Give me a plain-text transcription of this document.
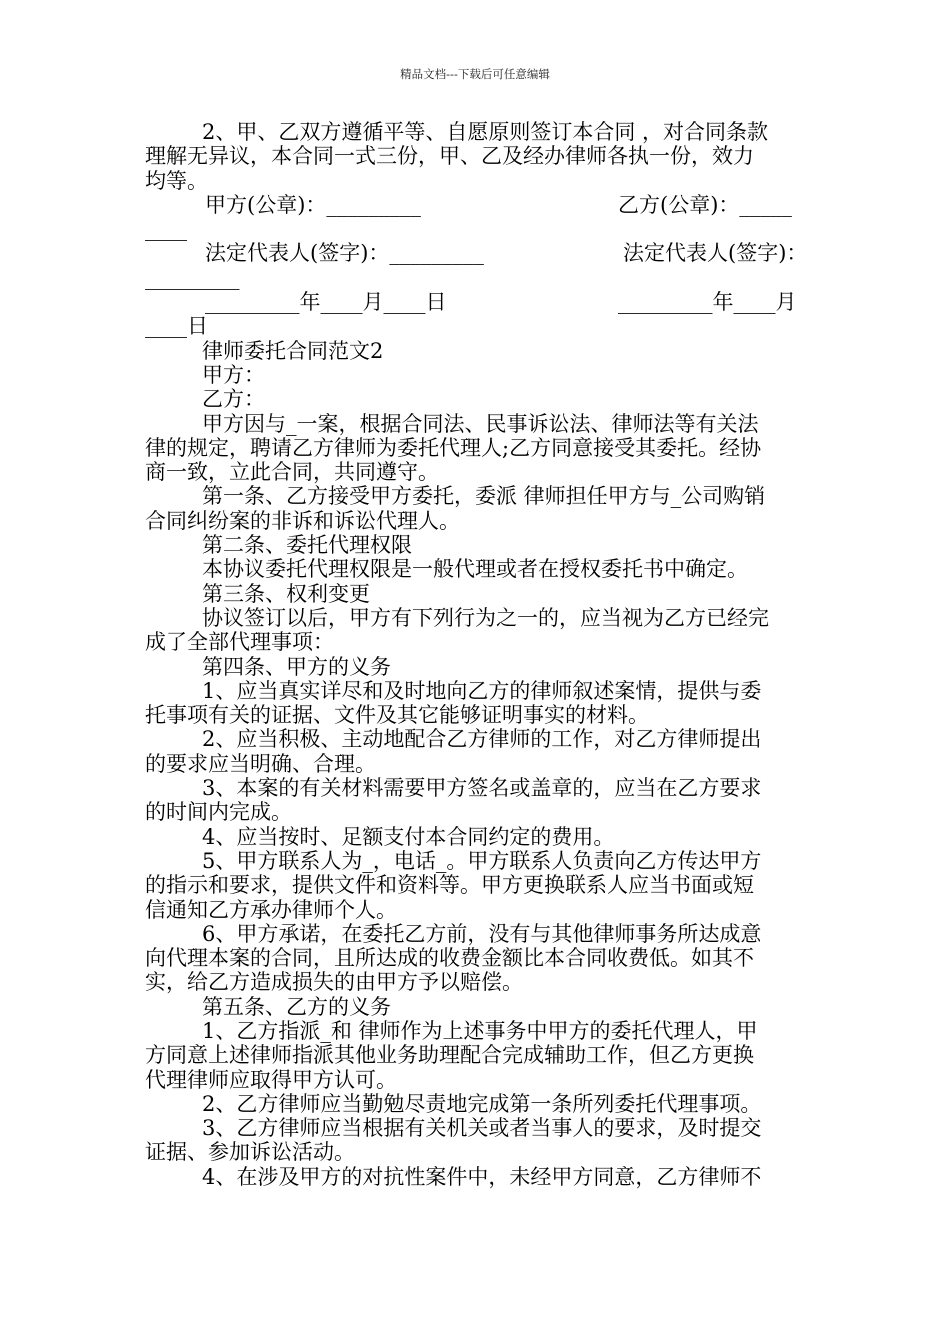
精品文档---下载后可任意编辑
2、甲、乙双方遵循平等、自愿原则签订本合同 ，对合同条款
理解无异议，本合同一式三份，甲、乙及经办律师各执一份，效力
均等。
甲方(公章)：_________	乙方(公章)：_____
____
法定代表人(签字)：_________	法定代表人(签字)：
_________
_________年____月____日	_________年____月
____日
律师委托合同范文2
甲方：
乙方：
甲方因与_一案，根据合同法、民事诉讼法、律师法等有关法
律的规定，聘请乙方律师为委托代理人;乙方同意接受其委托。经协
商一致，立此合同，共同遵守。
第一条、乙方接受甲方委托，委派 律师担任甲方与_公司购销
合同纠纷案的非诉和诉讼代理人。
第二条、委托代理权限
本协议委托代理权限是一般代理或者在授权委托书中确定。
第三条、权利变更
协议签订以后，甲方有下列行为之一的，应当视为乙方已经完
成了全部代理事项：
第四条、甲方的义务
1、应当真实详尽和及时地向乙方的律师叙述案情，提供与委
托事项有关的证据、文件及其它能够证明事实的材料。
2、应当积极、主动地配合乙方律师的工作，对乙方律师提出
的要求应当明确、合理。
3、本案的有关材料需要甲方签名或盖章的，应当在乙方要求
的时间内完成。
4、应当按时、足额支付本合同约定的费用。
5、甲方联系人为_，电话_。甲方联系人负责向乙方传达甲方
的指示和要求，提供文件和资料等。甲方更换联系人应当书面或短
信通知乙方承办律师个人。
6、甲方承诺，在委托乙方前，没有与其他律师事务所达成意
向代理本案的合同，且所达成的收费金额比本合同收费低。如其不
实，给乙方造成损失的由甲方予以赔偿。
第五条、乙方的义务
1、乙方指派_和 律师作为上述事务中甲方的委托代理人，甲
方同意上述律师指派其他业务助理配合完成辅助工作，但乙方更换
代理律师应取得甲方认可。
2、乙方律师应当勤勉尽责地完成第一条所列委托代理事项。
3、乙方律师应当根据有关机关或者当事人的要求，及时提交
证据、参加诉讼活动。
4、在涉及甲方的对抗性案件中，未经甲方同意，乙方律师不
